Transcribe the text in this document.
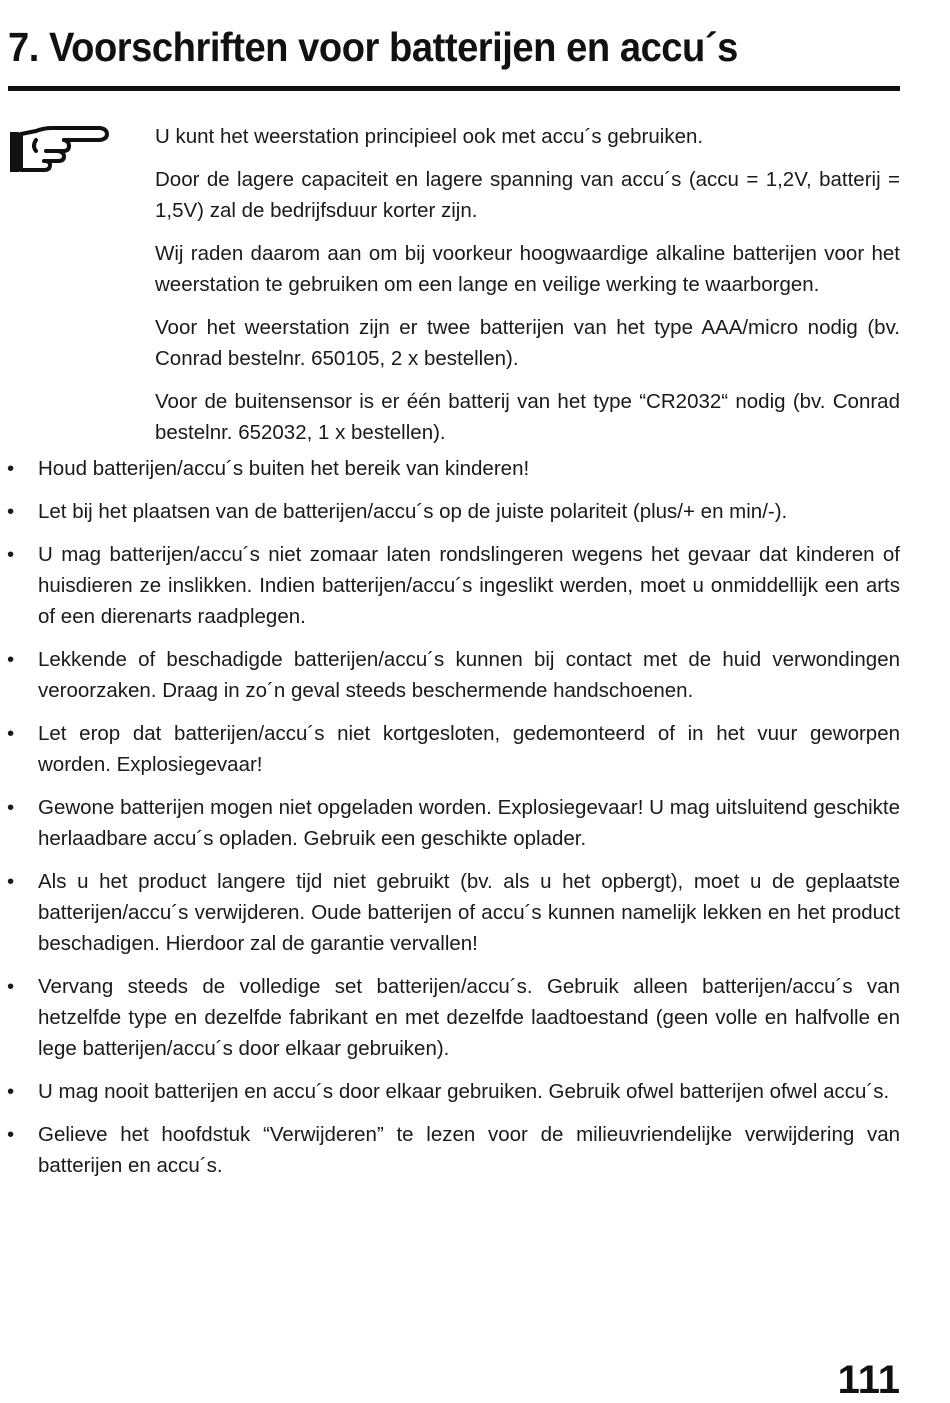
7. Voorschriften voor batterijen en accu´s

U kunt het weerstation principieel ook met accu´s gebruiken.

Door de lagere capaciteit en lagere spanning van accu´s (accu = 1,2V, batterij = 1,5V) zal de bedrijfsduur korter zijn.

Wij raden daarom aan om bij voorkeur hoogwaardige alkaline batterijen voor het weerstation te gebruiken om een lange en veilige werking te waarborgen.

Voor het weerstation zijn er twee batterijen van het type AAA/micro nodig (bv. Conrad bestelnr. 650105, 2 x bestellen).

Voor de buitensensor is er één batterij van het type “CR2032“ nodig (bv. Conrad bestelnr. 652032, 1 x bestellen).

• Houd batterijen/accu´s buiten het bereik van kinderen!
• Let bij het plaatsen van de batterijen/accu´s op de juiste polariteit (plus/+ en min/-).
• U mag batterijen/accu´s niet zomaar laten rondslingeren wegens het gevaar dat kinderen of huisdieren ze inslikken. Indien batterijen/accu´s ingeslikt werden, moet u onmiddellijk een arts of een dierenarts raadplegen.
• Lekkende of beschadigde batterijen/accu´s kunnen bij contact met de huid verwondingen veroorzaken. Draag in zo´n geval steeds beschermende handschoenen.
• Let erop dat batterijen/accu´s niet kortgesloten, gedemonteerd of in het vuur geworpen worden. Explosiegevaar!
• Gewone batterijen mogen niet opgeladen worden. Explosiegevaar! U mag uitsluitend geschikte herlaadbare accu´s opladen. Gebruik een geschikte oplader.
• Als u het product langere tijd niet gebruikt (bv. als u het opbergt), moet u de geplaatste batterijen/accu´s verwijderen. Oude batterijen of accu´s kunnen namelijk lekken en het product beschadigen. Hierdoor zal de garantie vervallen!
• Vervang steeds de volledige set batterijen/accu´s. Gebruik alleen batterijen/accu´s van hetzelfde type en dezelfde fabrikant en met dezelfde laadtoestand (geen volle en halfvolle en lege batterijen/accu´s door elkaar gebruiken).
• U mag nooit batterijen en accu´s door elkaar gebruiken. Gebruik ofwel batterijen ofwel accu´s.
• Gelieve het hoofdstuk “Verwijderen” te lezen voor de milieuvriendelijke verwijdering van batterijen en accu´s.
111
